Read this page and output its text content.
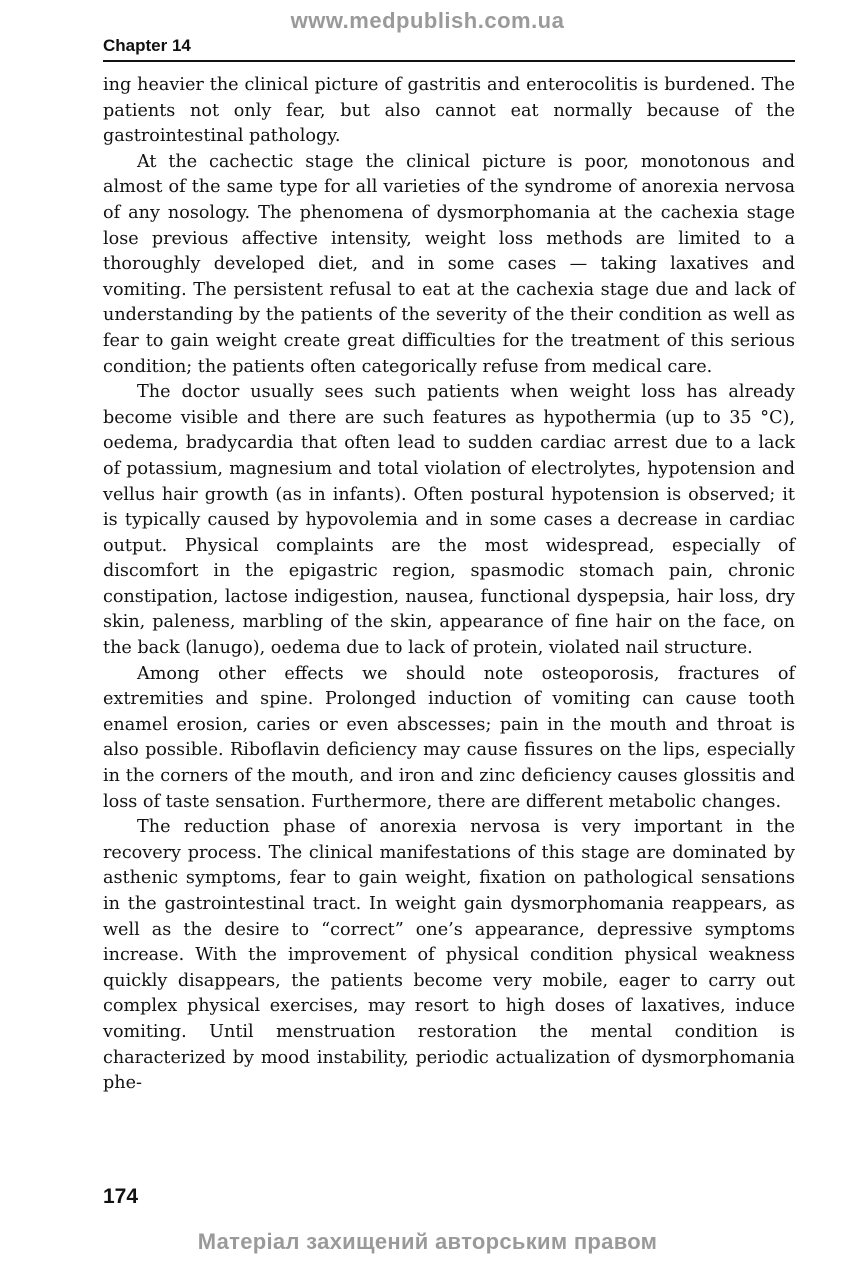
www.medpublish.com.ua
Chapter 14

ing heavier the clinical picture of gastritis and enterocolitis is burdened. The patients not only fear, but also cannot eat normally because of the gastrointestinal pathology.

At the cachectic stage the clinical picture is poor, monotonous and almost of the same type for all varieties of the syndrome of anorexia nervosa of any nosology. The phenomena of dysmorphomania at the cachexia stage lose previous affective intensity, weight loss methods are limited to a thoroughly developed diet, and in some cases — taking laxatives and vomiting. The persistent refusal to eat at the cachexia stage due and lack of understanding by the patients of the severity of the their condition as well as fear to gain weight create great difficulties for the treatment of this serious condition; the patients often categorically refuse from medical care.

The doctor usually sees such patients when weight loss has already become visible and there are such features as hypothermia (up to 35 °C), oedema, bradycardia that often lead to sudden cardiac arrest due to a lack of potassium, magnesium and total violation of electrolytes, hypotension and vellus hair growth (as in infants). Often postural hypotension is observed; it is typically caused by hypovolemia and in some cases a decrease in cardiac output. Physical complaints are the most widespread, especially of discomfort in the epigastric region, spasmodic stomach pain, chronic constipation, lactose indigestion, nausea, functional dyspepsia, hair loss, dry skin, paleness, marbling of the skin, appearance of fine hair on the face, on the back (lanugo), oedema due to lack of protein, violated nail structure.

Among other effects we should note osteoporosis, fractures of extremities and spine. Prolonged induction of vomiting can cause tooth enamel erosion, caries or even abscesses; pain in the mouth and throat is also possible. Riboflavin deficiency may cause fissures on the lips, especially in the corners of the mouth, and iron and zinc deficiency causes glossitis and loss of taste sensation. Furthermore, there are different metabolic changes.

The reduction phase of anorexia nervosa is very important in the recovery process. The clinical manifestations of this stage are dominated by asthenic symptoms, fear to gain weight, fixation on pathological sensations in the gastrointestinal tract. In weight gain dysmorphomania reappears, as well as the desire to “correct” one’s appearance, depressive symptoms increase. With the improvement of physical condition physical weakness quickly disappears, the patients become very mobile, eager to carry out complex physical exercises, may resort to high doses of laxatives, induce vomiting. Until menstruation restoration the mental condition is characterized by mood instability, periodic actualization of dysmorphomania phe-

174
Матеріал захищений авторським правом
